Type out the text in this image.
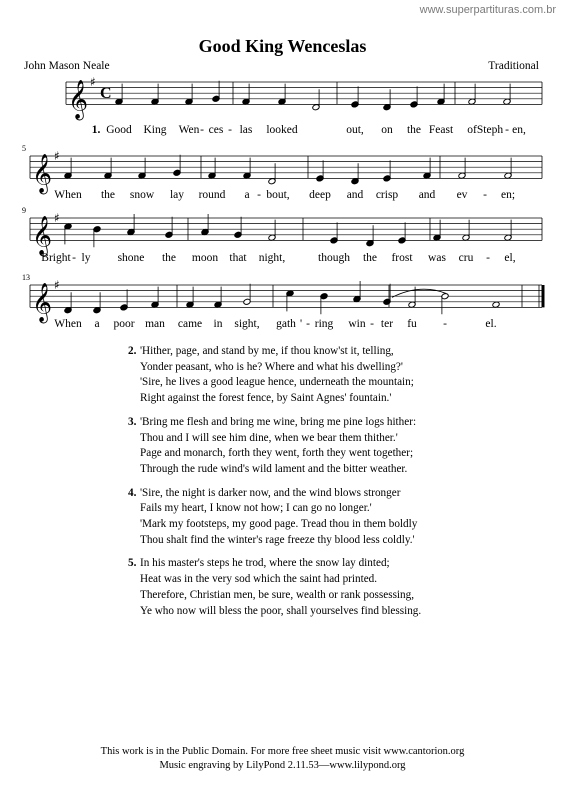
www.superpartituras.com.br
Good King Wenceslas
John Mason Neale	Traditional
𝄞 ♯
C
𝄞 ♯
5
𝄞 ♯
9
𝄞 ♯
13
1. Good King Wen - ces - las looked	out, on the Feast of Steph - en,
When the snow lay round a - bout, deep and crisp and ev - en;
Bright - ly shone the moon that night,	though the frost was cru - el,
When a poor man came in sight, gath ' - ring win - ter fu -	el.
2. 'Hither, page, and stand by me, if thou know'st it, telling,
Yonder peasant, who is he? Where and what his dwelling?'
'Sire, he lives a good league hence, underneath the mountain;
Right against the forest fence, by Saint Agnes' fountain.'
3. 'Bring me flesh and bring me wine, bring me pine logs hither:
Thou and I will see him dine, when we bear them thither.'
Page and monarch, forth they went, forth they went together;
Through the rude wind's wild lament and the bitter weather.
4. 'Sire, the night is darker now, and the wind blows stronger
Fails my heart, I know not how; I can go no longer.'
'Mark my footsteps, my good page. Tread thou in them boldly
Thou shalt find the winter's rage freeze thy blood less coldly.'
5. In his master's steps he trod, where the snow lay dinted;
Heat was in the very sod which the saint had printed.
Therefore, Christian men, be sure, wealth or rank possessing,
Ye who now will bless the poor, shall yourselves find blessing.
This work is in the Public Domain. For more free sheet music visit www.cantorion.org
Music engraving by LilyPond 2.11.53—www.lilypond.org
